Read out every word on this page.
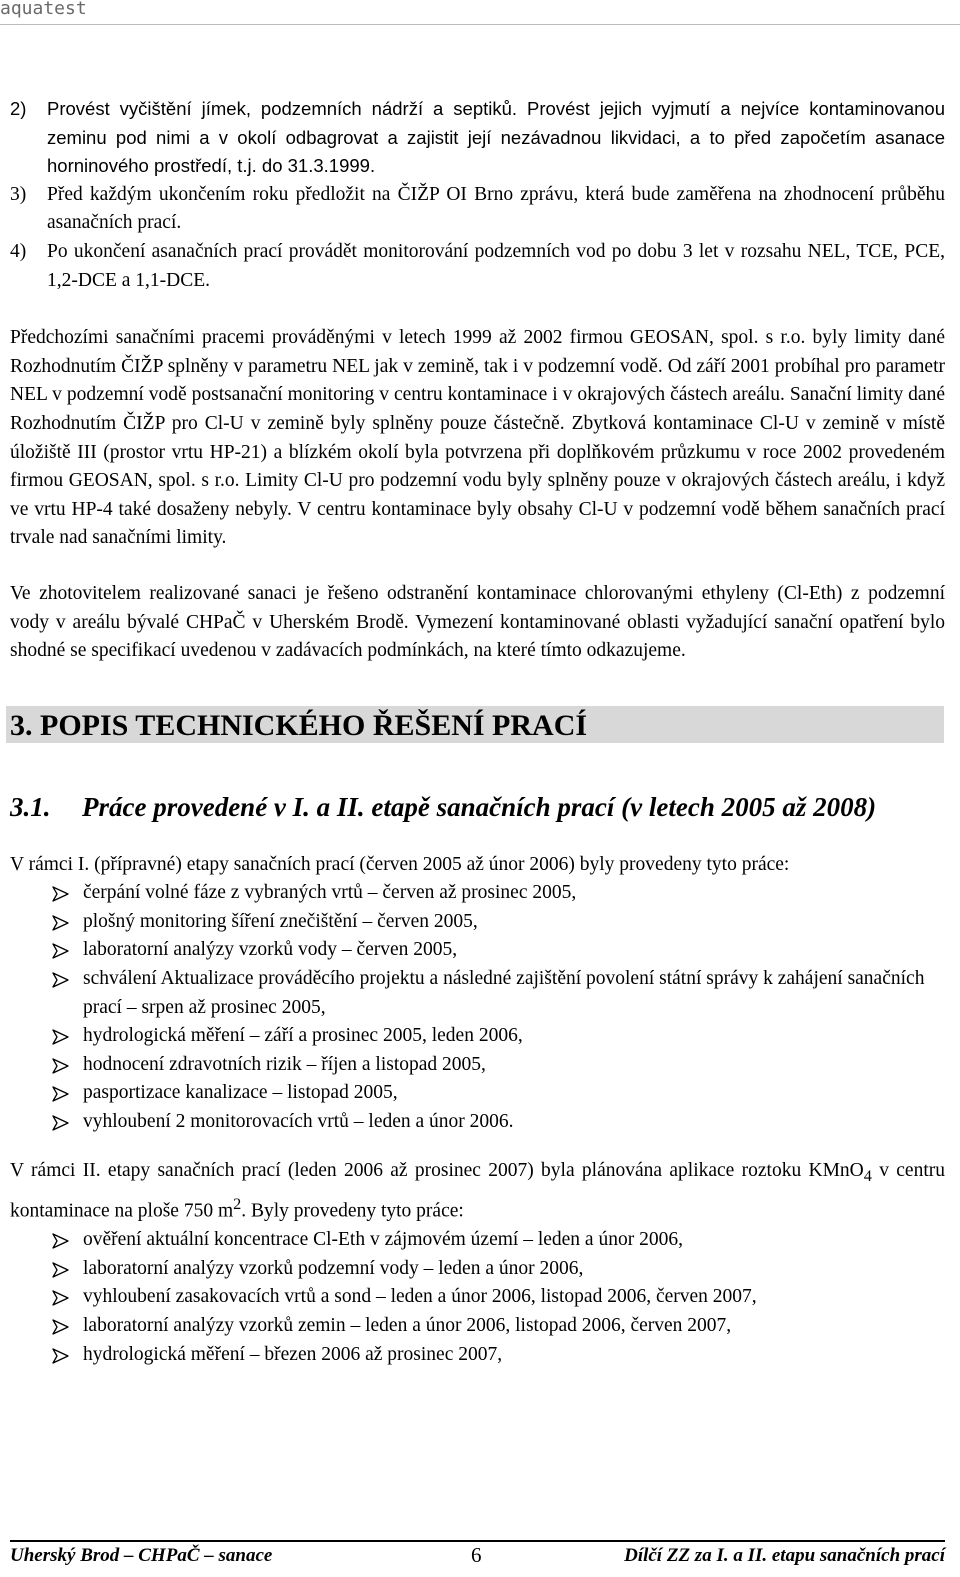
aquatest
2)	Provést vyčištění jímek, podzemních nádrží a septiků. Provést jejich vyjmutí a nejvíce kontaminovanou zeminu pod nimi a v okolí odbagrovat a zajistit její nezávadnou likvidaci, a to před započetím asanace horninového prostředí, t.j. do 31.3.1999.
3)	Před každým ukončením roku předložit na ČIŽP OI Brno zprávu, která bude zaměřena na zhodnocení průběhu asanačních prací.
4)	Po ukončení asanačních prací provádět monitorování podzemních vod po dobu 3 let v rozsahu NEL, TCE, PCE, 1,2-DCE a 1,1-DCE.

Předchozími sanačními pracemi prováděnými v letech 1999 až 2002 firmou GEOSAN, spol. s r.o. byly limity dané Rozhodnutím ČIŽP splněny v parametru NEL jak v zemině, tak i v podzemní vodě. Od září 2001 probíhal pro parametr NEL v podzemní vodě postsanační monitoring v centru kontaminace i v okrajových částech areálu. Sanační limity dané Rozhodnutím ČIŽP pro Cl-U v zemině byly splněny pouze částečně. Zbytková kontaminace Cl-U v zemině v místě úložiště III (prostor vrtu HP-21) a blízkém okolí byla potvrzena při doplňkovém průzkumu v roce 2002 provedeném firmou GEOSAN, spol. s r.o. Limity Cl-U pro podzemní vodu byly splněny pouze v okrajových částech areálu, i když ve vrtu HP-4 také dosaženy nebyly. V centru kontaminace byly obsahy Cl-U v podzemní vodě během sanačních prací trvale nad sanačními limity.

Ve zhotovitelem realizované sanaci je řešeno odstranění kontaminace chlorovanými ethyleny (Cl-Eth) z podzemní vody v areálu bývalé CHPaČ v Uherském Brodě. Vymezení kontaminované oblasti vyžadující sanační opatření bylo shodné se specifikací uvedenou v zadávacích podmínkách, na které tímto odkazujeme.

3. POPIS TECHNICKÉHO ŘEŠENÍ PRACÍ
3.1.	Práce provedené v I. a II. etapě sanačních prací (v letech 2005 až 2008)

V rámci I. (přípravné) etapy sanačních prací (červen 2005 až únor 2006) byly provedeny tyto práce:

čerpání volné fáze z vybraných vrtů – červen až prosinec 2005,
plošný monitoring šíření znečištění – červen 2005,
laboratorní analýzy vzorků vody – červen 2005,
schválení Aktualizace prováděcího projektu a následné zajištění povolení státní správy k zahájení sanačních prací – srpen až prosinec 2005,
hydrologická měření – září a prosinec 2005, leden 2006,
hodnocení zdravotních rizik – říjen a listopad 2005,
pasportizace kanalizace – listopad 2005,
vyhloubení 2 monitorovacích vrtů – leden a únor 2006.

V rámci II. etapy sanačních prací (leden 2006 až prosinec 2007) byla plánována aplikace roztoku KMnO$_4$ v centru kontaminace na ploše 750 $m^2$. Byly provedeny tyto práce:

ověření aktuální koncentrace Cl-Eth v zájmovém území – leden a únor 2006,
laboratorní analýzy vzorků podzemní vody – leden a únor 2006,
vyhloubení zasakovacích vrtů a sond – leden a únor 2006, listopad 2006, červen 2007,
laboratorní analýzy vzorků zemin – leden a únor 2006, listopad 2006, červen 2007,
hydrologická měření – březen 2006 až prosinec 2007,
Uherský Brod – CHPaČ – sanace	6	Dílčí ZZ za I. a II. etapu sanačních prací
